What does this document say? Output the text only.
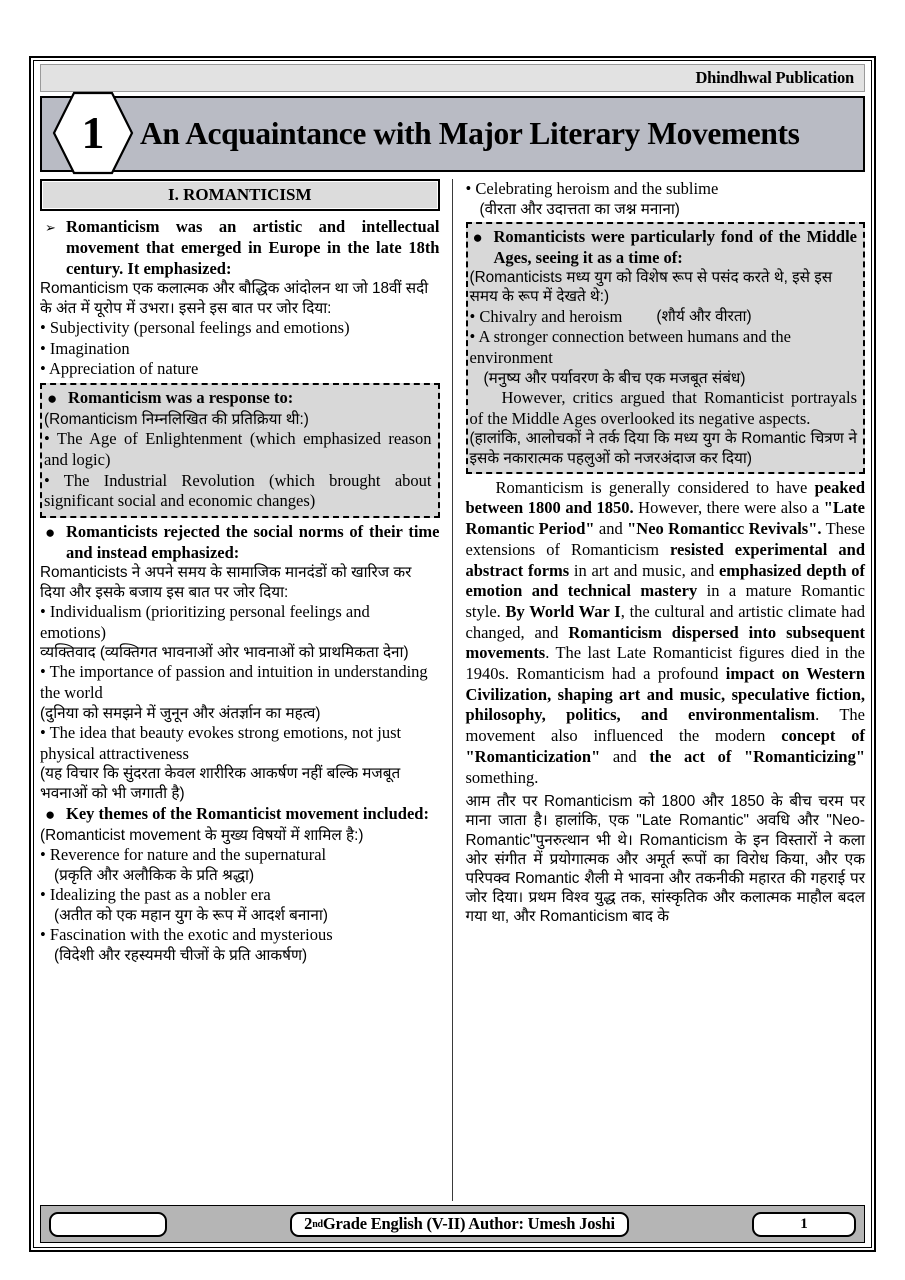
Dhindhwal Publication
1 An Acquaintance with Major Literary Movements
I. ROMANTICISM
➢ Romanticism was an artistic and intellectual movement that emerged in Europe in the late 18th century. It emphasized:
Romanticism एक कलात्मक और बौद्धिक आंदोलन था जो 18वीं सदी के अंत में यूरोप में उभरा। इसने इस बात पर जोर दिया:
• Subjectivity (personal feelings and emotions)
• Imagination
• Appreciation of nature
● Romanticism was a response to:
(Romanticism निम्नलिखित की प्रतिक्रिया थी:)
• The Age of Enlightenment (which emphasized reason and logic)
• The Industrial Revolution (which brought about significant social and economic changes)
● Romanticists rejected the social norms of their time and instead emphasized:
Romanticists ने अपने समय के सामाजिक मानदंडों को खारिज कर दिया और इसके बजाय इस बात पर जोर दिया:
• Individualism (prioritizing personal feelings and emotions)
व्यक्तिवाद (व्यक्तिगत भावनाओं ओर भावनाओं को प्राथमिकता देना)
• The importance of passion and intuition in understanding the world
(दुनिया को समझने में जुनून और अंतर्ज्ञान का महत्व)
• The idea that beauty evokes strong emotions, not just physical attractiveness
(यह विचार कि सुंदरता केवल शारीरिक आकर्षण नहीं बल्कि मजबूत भवनाओं को भी जगाती है)
● Key themes of the Romanticist movement included:
(Romanticist movement के मुख्य विषयों में शामिल है:)
• Reverence for nature and the supernatural
(प्रकृति और अलौकिक के प्रति श्रद्धा)
• Idealizing the past as a nobler era
(अतीत को एक महान युग के रूप में आदर्श बनाना)
• Fascination with the exotic and mysterious
(विदेशी और रहस्यमयी चीजों के प्रति आकर्षण)
• Celebrating heroism and the sublime
(वीरता और उदात्तता का जश्न मनाना)
● Romanticists were particularly fond of the Middle Ages, seeing it as a time of:
(Romanticists मध्य युग को विशेष रूप से पसंद करते थे, इसे इस समय के रूप में देखते थे:)
• Chivalry and heroism (शौर्य और वीरता)
• A stronger connection between humans and the environment
(मनुष्य और पर्यावरण के बीच एक मजबूत संबंध)
However, critics argued that Romanticist portrayals of the Middle Ages overlooked its negative aspects.
(हालांकि, आलोचकों ने तर्क दिया कि मध्य युग के Romantic चित्रण ने इसके नकारात्मक पहलुओं को नजरअंदाज कर दिया)
Romanticism is generally considered to have peaked between 1800 and 1850. However, there were also a "Late Romantic Period" and "Neo Romanticc Revivals". These extensions of Romanticism resisted experimental and abstract forms in art and music, and emphasized depth of emotion and technical mastery in a mature Romantic style. By World War I, the cultural and artistic climate had changed, and Romanticism dispersed into subsequent movements. The last Late Romanticist figures died in the 1940s. Romanticism had a profound impact on Western Civilization, shaping art and music, speculative fiction, philosophy, politics, and environmentalism. The movement also influenced the modern concept of "Romanticization" and the act of "Romanticizing" something.
आम तौर पर Romanticism को 1800 और 1850 के बीच चरम पर माना जाता है। हालांकि, एक "Late Romantic" अवधि और "Neo-Romantic"पुनरुत्थान भी थे। Romanticism के इन विस्तारों ने कला ओर संगीत में प्रयोगात्मक और अमूर्त रूपों का विरोध किया, और एक परिपक्व Romantic शैली मे भावना और तकनीकी महारत की गहराई पर जोर दिया। प्रथम विश्व युद्ध तक, सांस्कृतिक और कलात्मक माहौल बदल गया था, और Romanticism बाद के
2 nd Grade English (V-II) Author: Umesh Joshi	1
